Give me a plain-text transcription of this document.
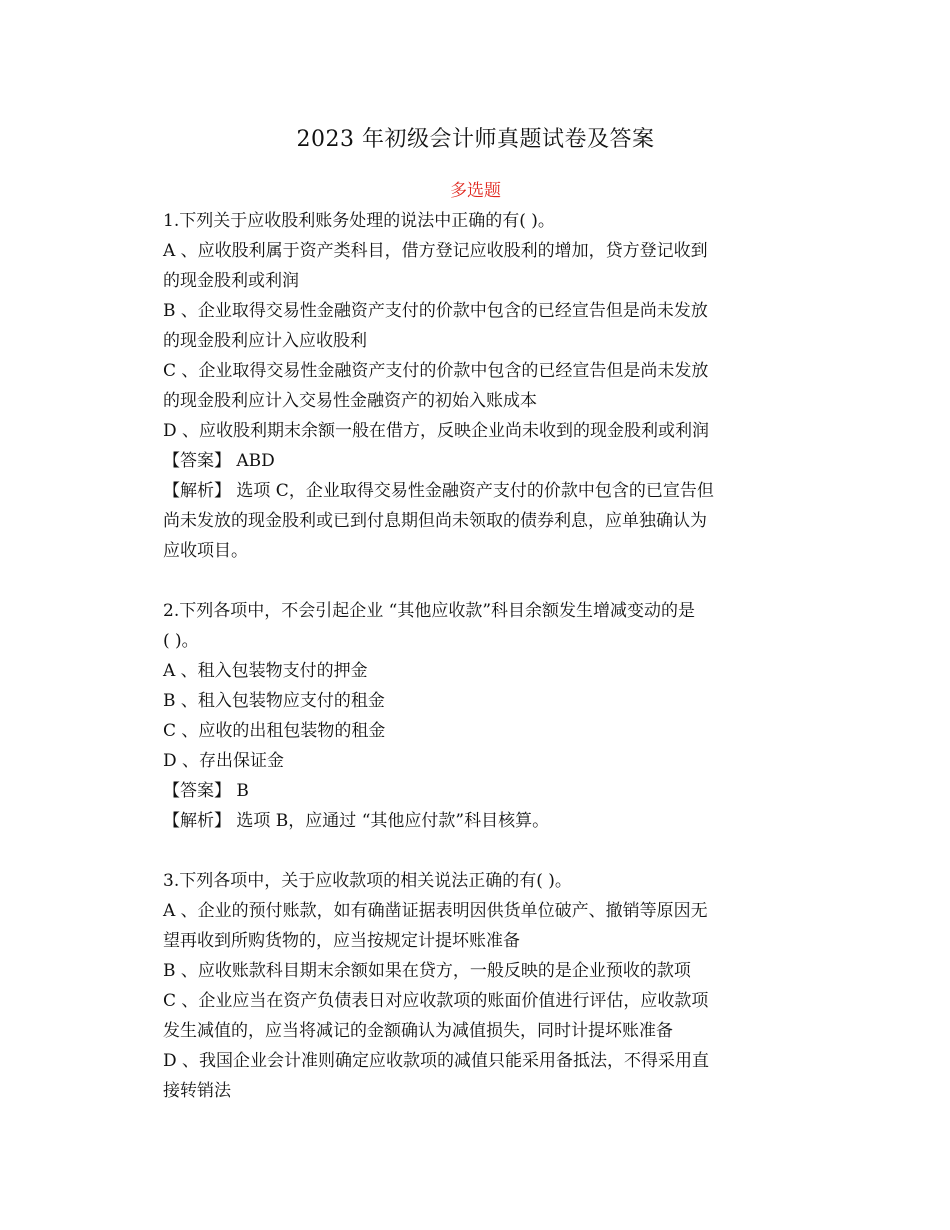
2023 年初级会计师真题试卷及答案
多选题
1.下列关于应收股利账务处理的说法中正确的有( )。
A 、应收股利属于资产类科目，借方登记应收股利的增加，贷方登记收到
的现金股利或利润
B 、企业取得交易性金融资产支付的价款中包含的已经宣告但是尚未发放
的现金股利应计入应收股利
C 、企业取得交易性金融资产支付的价款中包含的已经宣告但是尚未发放
的现金股利应计入交易性金融资产的初始入账成本
D 、应收股利期末余额一般在借方，反映企业尚未收到的现金股利或利润
【答案】 ABD
【解析】 选项 C，企业取得交易性金融资产支付的价款中包含的已宣告但
尚未发放的现金股利或已到付息期但尚未领取的债券利息，应单独确认为
应收项目。
2.下列各项中，不会引起企业 “其他应收款”科目余额发生增减变动的是
( )。
A 、租入包装物支付的押金
B 、租入包装物应支付的租金
C 、应收的出租包装物的租金
D 、存出保证金
【答案】 B
【解析】 选项 B，应通过 “其他应付款”科目核算。
3.下列各项中，关于应收款项的相关说法正确的有( )。
A 、企业的预付账款，如有确凿证据表明因供货单位破产、撤销等原因无
望再收到所购货物的，应当按规定计提坏账准备
B 、应收账款科目期末余额如果在贷方，一般反映的是企业预收的款项
C 、企业应当在资产负债表日对应收款项的账面价值进行评估，应收款项
发生减值的，应当将减记的金额确认为减值损失，同时计提坏账准备
D 、我国企业会计准则确定应收款项的减值只能采用备抵法，不得采用直
接转销法
